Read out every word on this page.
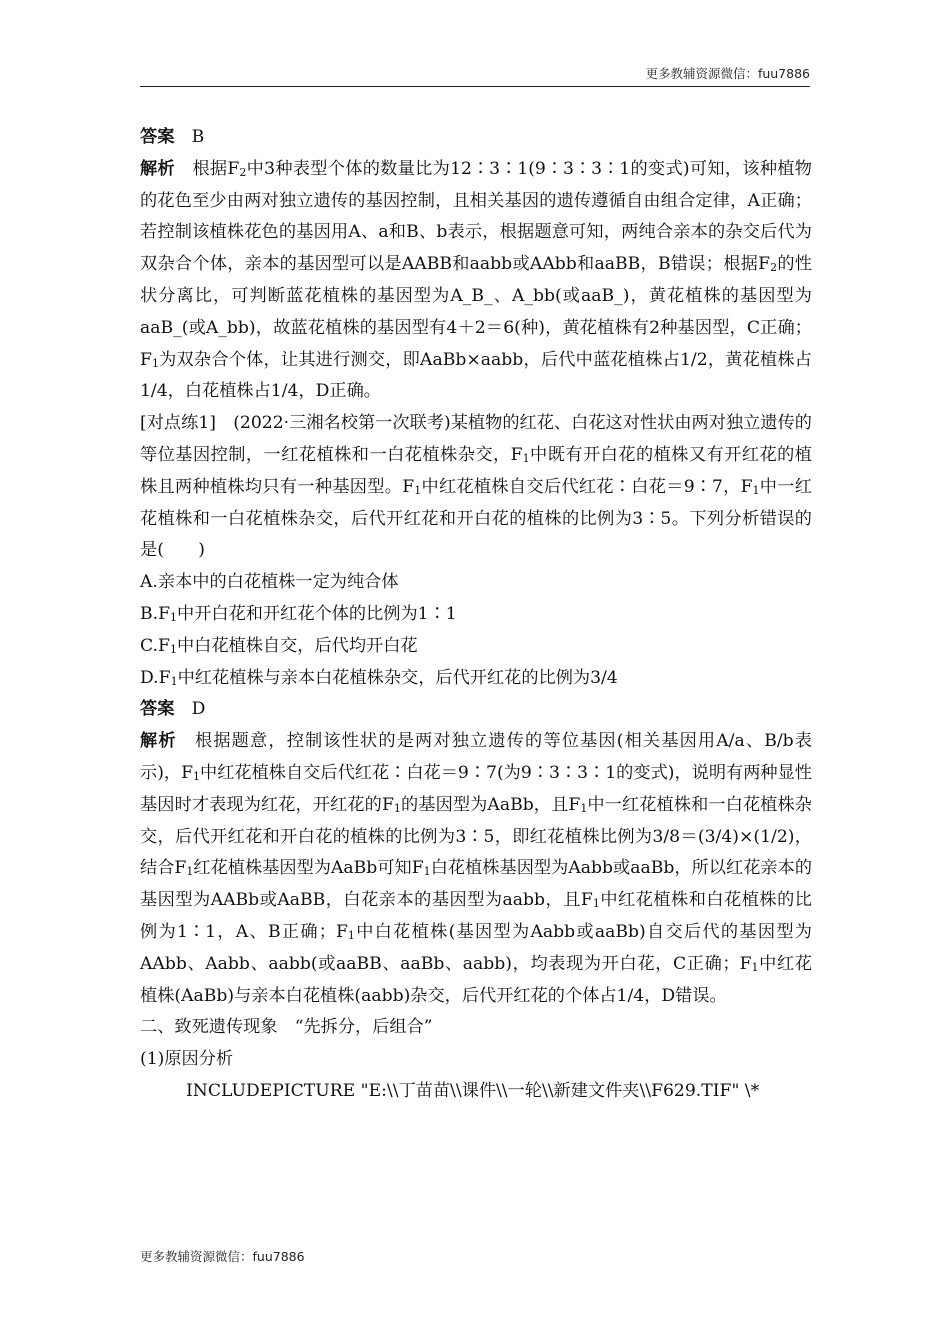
更多教辅资源微信：fuu7886

答案　 B

解析　 根据$F_2$中3种表型个体的数量比为12∶3∶1(9∶3∶3∶1的变式)可知，该种植物的花色至少由两对独立遗传的基因控制，且相关基因的遗传遵循自由组合定律，A正确；若控制该植株花色的基因用A、a和B、b表示，根据题意可知，两纯合亲本的杂交后代为双杂合个体，亲本的基因型可以是AABB和aabb或AAbb和aaBB，B错误；根据$F_2$的性状分离比，可判断蓝花植株的基因型为A_B_、A_bb(或aaB_)，黄花植株的基因型为aaB_(或A_bb)，故蓝花植株的基因型有4＋2＝6(种)，黄花植株有2种基因型，C正确；$F_1$为双杂合个体，让其进行测交，即AaBb×aabb，后代中蓝花植株占1/2，黄花植株占1/4，白花植株占1/4，D正确。

[对点练1]　 (2022·三湘名校第一次联考)某植物的红花、白花这对性状由两对独立遗传的等位基因控制，一红花植株和一白花植株杂交，$F_1$中既有开白花的植株又有开红花的植株且两种植株均只有一种基因型。$F_1$中红花植株自交后代红花∶白花＝9∶7，$F_1$中一红花植株和一白花植株杂交，后代开红花和开白花的植株的比例为3∶5。下列分析错误的是(　　)

A.亲本中的白花植株一定为纯合体

$B.F_1$中开白花和开红花个体的比例为1∶1

$C.F_1$中白花植株自交，后代均开白花

$D.F_1$中红花植株与亲本白花植株杂交，后代开红花的比例为3/4

答案　 D

解析　 根据题意，控制该性状的是两对独立遗传的等位基因(相关基因用A/a、B/b表示)，$F_1$中红花植株自交后代红花∶白花＝9∶7(为9∶3∶3∶1的变式)，说明有两种显性基因时才表现为红花，开红花的$F_1$的基因型为AaBb，且$F_1$中一红花植株和一白花植株杂交，后代开红花和开白花的植株的比例为3∶5，即红花植株比例为3/8＝(3/4)×(1/2)，结合$F_1$红花植株基因型为AaBb可知$F_1$白花植株基因型为Aabb或aaBb，所以红花亲本的基因型为AABb或AaBB，白花亲本的基因型为aabb，且$F_1$中红花植株和白花植株的比例为1∶1，A、B正确；$F_1$中白花植株(基因型为Aabb或aaBb)自交后代的基因型为AAbb、Aabb、aabb(或aaBB、aaBb、aabb)，均表现为开白花，C正确；$F_1$中红花植株(AaBb)与亲本白花植株(aabb)杂交，后代开红花的个体占1/4，D错误。

二、致死遗传现象　“先拆分，后组合”

(1)原因分析

INCLUDEPICTURE "E:\\丁苗苗\\课件\\一轮\\新建文件夹\\F629.TIF" \*

更多教辅资源微信：fuu7886
